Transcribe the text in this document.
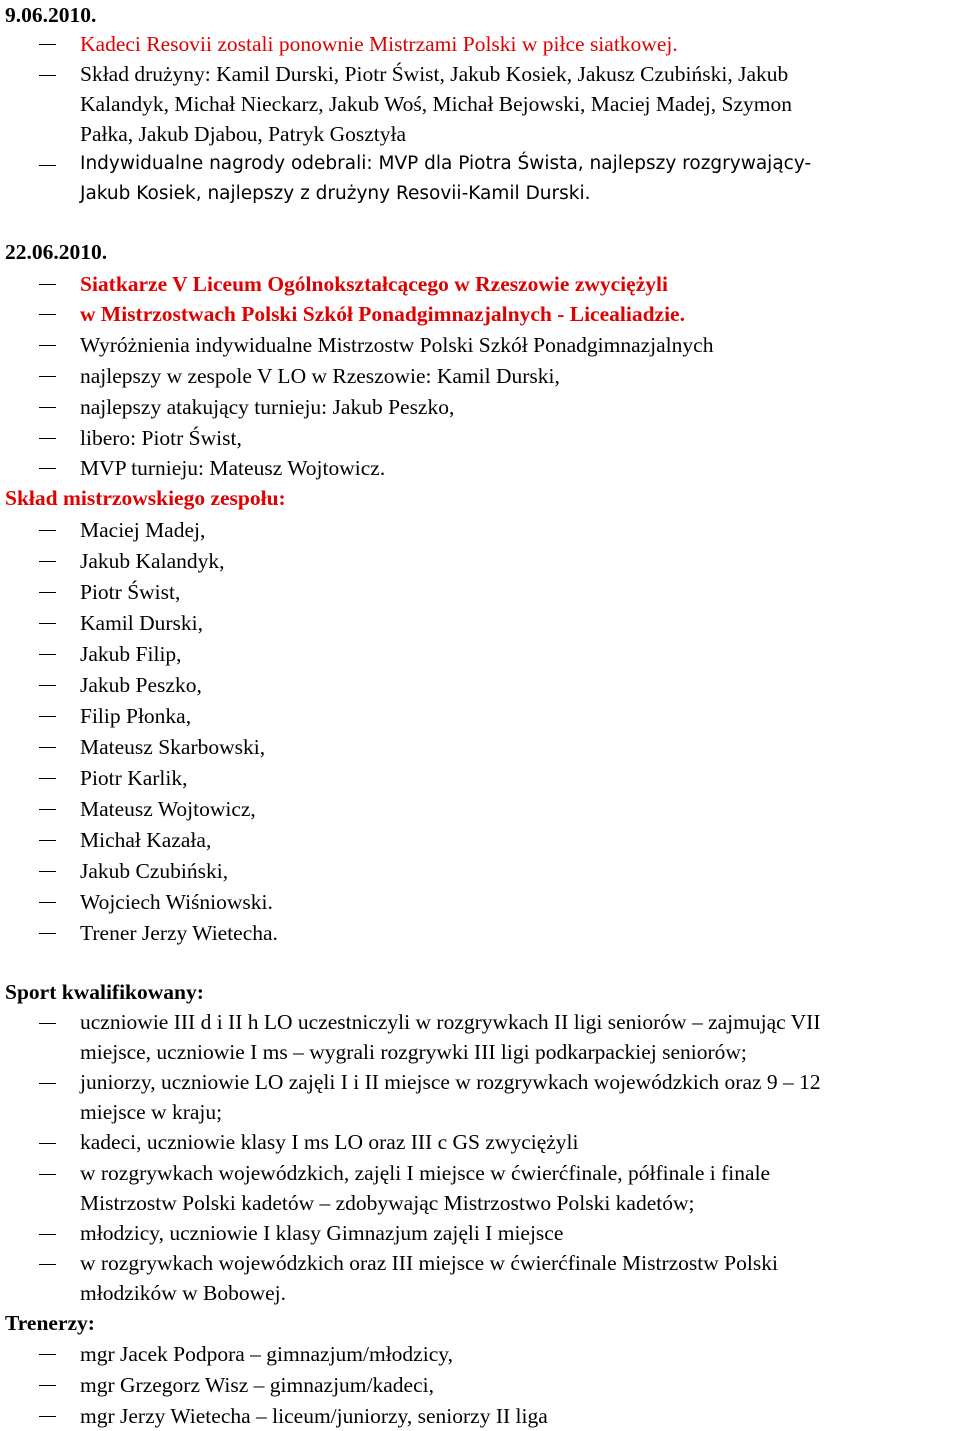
9.06.2010.
Kadeci Resovii zostali ponownie Mistrzami Polski w piłce siatkowej.
Skład drużyny: Kamil Durski, Piotr Świst, Jakub Kosiek, Jakusz Czubiński, Jakub
Kalandyk, Michał Nieckarz, Jakub Woś, Michał Bejowski, Maciej Madej, Szymon
Pałka, Jakub Djabou, Patryk Gosztyła
Indywidualne nagrody odebrali: MVP dla Piotra Śwista, najlepszy rozgrywający-
Jakub Kosiek, najlepszy z drużyny Resovii-Kamil Durski.
22.06.2010.
Siatkarze V Liceum Ogólnokształcącego w Rzeszowie zwyciężyli
w Mistrzostwach Polski Szkół Ponadgimnazjalnych - Licealiadzie.
Wyróżnienia indywidualne Mistrzostw Polski Szkół Ponadgimnazjalnych
najlepszy w zespole V LO w Rzeszowie: Kamil Durski,
najlepszy atakujący turnieju: Jakub Peszko,
libero: Piotr Świst,
MVP turnieju: Mateusz Wojtowicz.
Skład mistrzowskiego zespołu:
Maciej Madej,
Jakub Kalandyk,
Piotr Świst,
Kamil Durski,
Jakub Filip,
Jakub Peszko,
Filip Płonka,
Mateusz Skarbowski,
Piotr Karlik,
Mateusz Wojtowicz,
Michał Kazała,
Jakub Czubiński,
Wojciech Wiśniowski.
Trener Jerzy Wietecha.
Sport kwalifikowany:
uczniowie III d i II h LO uczestniczyli w rozgrywkach II ligi seniorów – zajmując VII
miejsce, uczniowie I ms – wygrali rozgrywki III ligi podkarpackiej seniorów;
juniorzy, uczniowie LO zajęli I i II miejsce w rozgrywkach wojewódzkich oraz 9 – 12
miejsce w kraju;
kadeci, uczniowie klasy I ms LO oraz III c GS zwyciężyli
w rozgrywkach wojewódzkich, zajęli I miejsce w ćwierćfinale, półfinale i finale
Mistrzostw Polski kadetów – zdobywając Mistrzostwo Polski kadetów;
młodzicy, uczniowie I klasy Gimnazjum zajęli I miejsce
w rozgrywkach wojewódzkich oraz III miejsce w ćwierćfinale Mistrzostw Polski
młodzików w Bobowej.
Trenerzy:
mgr Jacek Podpora – gimnazjum/młodzicy,
mgr Grzegorz Wisz – gimnazjum/kadeci,
mgr Jerzy Wietecha – liceum/juniorzy, seniorzy II liga
